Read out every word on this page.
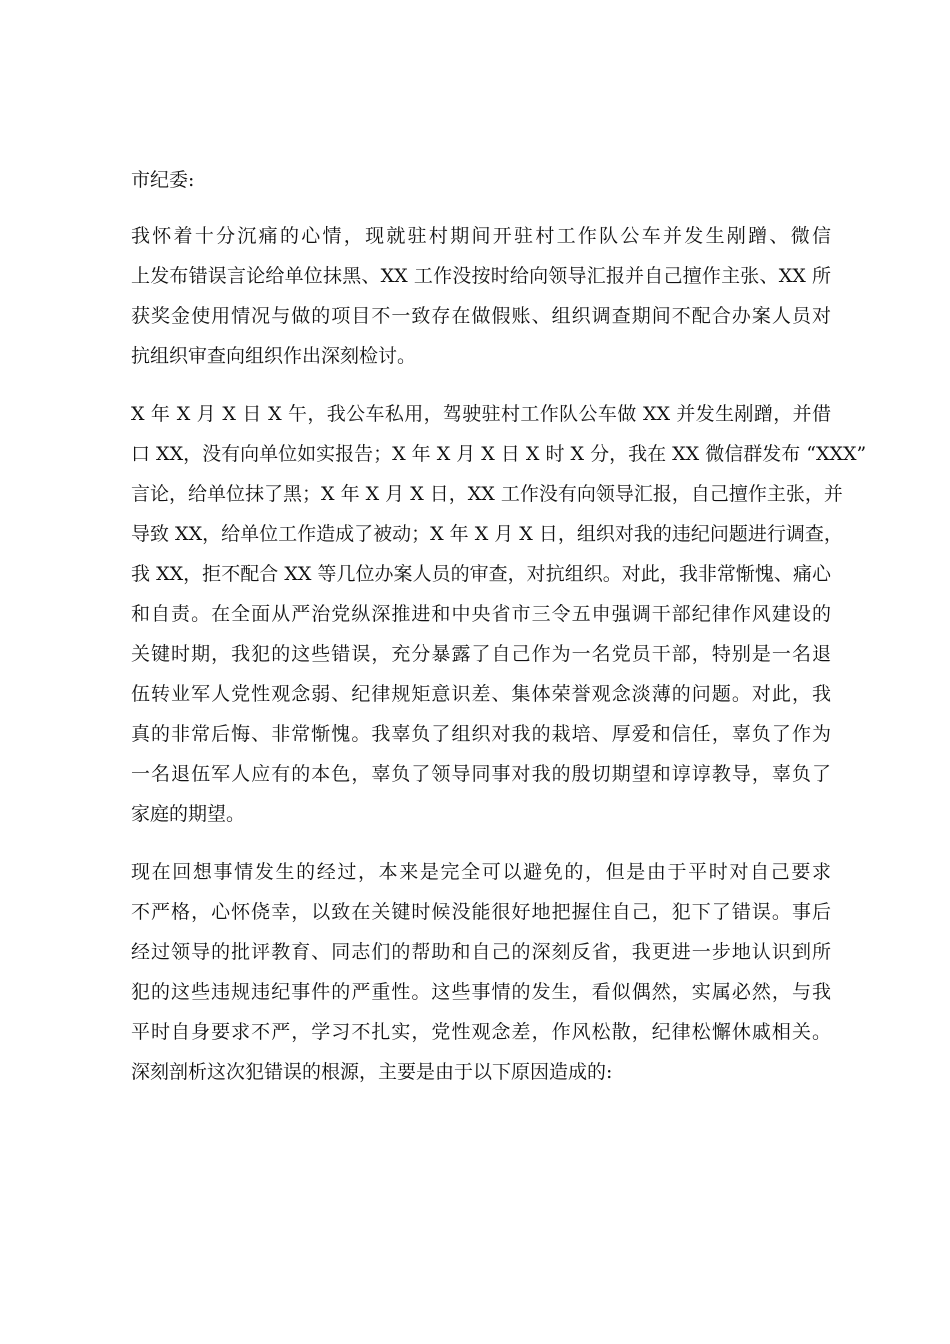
市纪委:
我怀着十分沉痛的心情，现就驻村期间开驻村工作队公车并发生剐蹭、微信
上发布错误言论给单位抹黑、XX 工作没按时给向领导汇报并自己擅作主张、XX 所
获奖金使用情况与做的项目不一致存在做假账、组织调查期间不配合办案人员对
抗组织审查向组织作出深刻检讨。
X 年 X 月 X 日 X 午，我公车私用，驾驶驻村工作队公车做 XX 并发生剐蹭，并借
口 XX，没有向单位如实报告；X 年 X 月 X 日 X 时 X 分，我在 XX 微信群发布 “XXX”
言论，给单位抹了黑；X 年 X 月 X 日，XX 工作没有向领导汇报，自己擅作主张，并
导致 XX，给单位工作造成了被动；X 年 X 月 X 日，组织对我的违纪问题进行调查，
我 XX，拒不配合 XX 等几位办案人员的审查，对抗组织。对此，我非常惭愧、痛心
和自责。在全面从严治党纵深推进和中央省市三令五申强调干部纪律作风建设的
关键时期，我犯的这些错误，充分暴露了自己作为一名党员干部，特别是一名退
伍转业军人党性观念弱、纪律规矩意识差、集体荣誉观念淡薄的问题。对此，我
真的非常后悔、非常惭愧。我辜负了组织对我的栽培、厚爱和信任，辜负了作为
一名退伍军人应有的本色，辜负了领导同事对我的殷切期望和谆谆教导，辜负了
家庭的期望。
现在回想事情发生的经过，本来是完全可以避免的，但是由于平时对自己要求
不严格，心怀侥幸，以致在关键时候没能很好地把握住自己，犯下了错误。事后
经过领导的批评教育、同志们的帮助和自己的深刻反省，我更进一步地认识到所
犯的这些违规违纪事件的严重性。这些事情的发生，看似偶然，实属必然，与我
平时自身要求不严，学习不扎实，党性观念差，作风松散，纪律松懈休戚相关。
深刻剖析这次犯错误的根源，主要是由于以下原因造成的:
